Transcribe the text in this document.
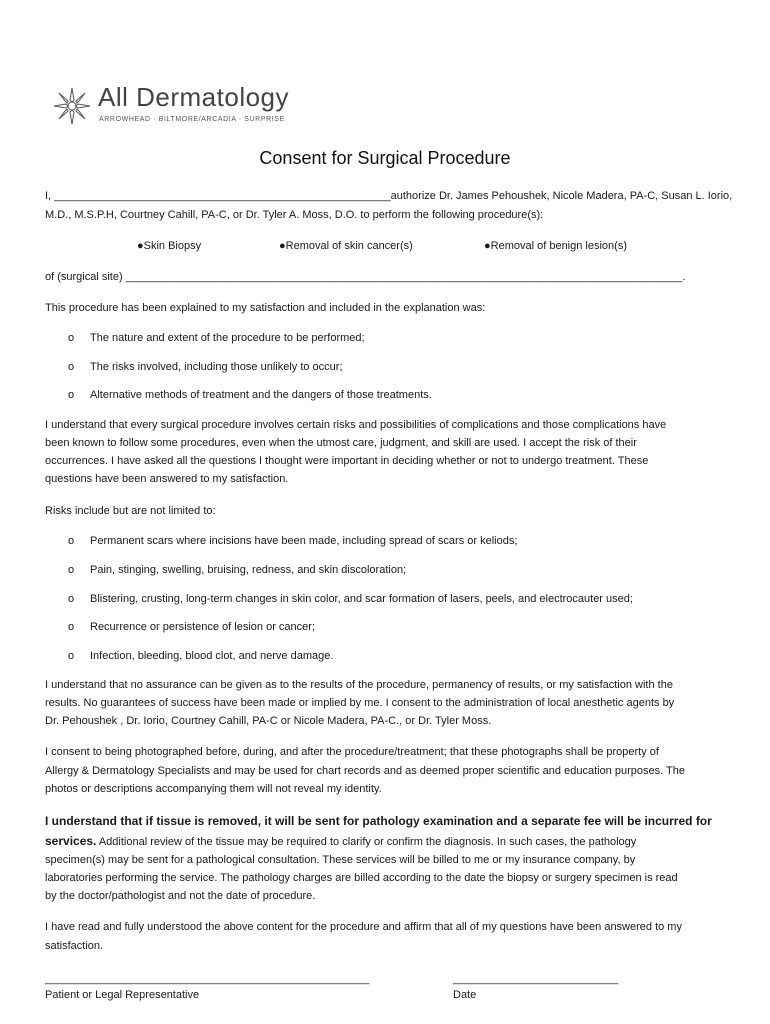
All Dermatology
ARROWHEAD · BILTMORE/ARCADIA · SURPRISE
Consent for Surgical Procedure
I, _______________________________________________________authorize Dr. James Pehoushek, Nicole Madera, PA-C, Susan L. Iorio,
M.D., M.S.P.H, Courtney Cahill, PA-C, or Dr. Tyler A. Moss, D.O. to perform the following procedure(s):
●Skin Biopsy	●Removal of skin cancer(s)	●Removal of benign lesion(s)
of (surgical site) ___________________________________________________________________________________________.
This procedure has been explained to my satisfaction and included in the explanation was:
o The nature and extent of the procedure to be performed;
o The risks involved, including those unlikely to occur;
o Alternative methods of treatment and the dangers of those treatments.
I understand that every surgical procedure involves certain risks and possibilities of complications and those complications have
been known to follow some procedures, even when the utmost care, judgment, and skill are used. I accept the risk of their
occurrences. I have asked all the questions I thought were important in deciding whether or not to undergo treatment. These
questions have been answered to my satisfaction.
Risks include but are not limited to:
o Permanent scars where incisions have been made, including spread of scars or keliods;
o Pain, stinging, swelling, bruising, redness, and skin discoloration;
o Blistering, crusting, long-term changes in skin color, and scar formation of lasers, peels, and electrocauter used;
o Recurrence or persistence of lesion or cancer;
o Infection, bleeding, blood clot, and nerve damage.
I understand that no assurance can be given as to the results of the procedure, permanency of results, or my satisfaction with the
results. No guarantees of success have been made or implied by me. I consent to the administration of local anesthetic agents by
Dr. Pehoushek , Dr. Iorio, Courtney Cahill, PA-C or Nicole Madera, PA-C., or Dr. Tyler Moss.
I consent to being photographed before, during, and after the procedure/treatment; that these photographs shall be property of
Allergy & Dermatology Specialists and may be used for chart records and as deemed proper scientific and education purposes. The
photos or descriptions accompanying them will not reveal my identity.
I understand that if tissue is removed, it will be sent for pathology examination and a separate fee will be incurred for
services. Additional review of the tissue may be required to clarify or confirm the diagnosis. In such cases, the pathology
specimen(s) may be sent for a pathological consultation. These services will be billed to me or my insurance company, by
laboratories performing the service. The pathology charges are billed according to the date the biopsy or surgery specimen is read
by the doctor/pathologist and not the date of procedure.
I have read and fully understood the above content for the procedure and affirm that all of my questions have been answered to my
satisfaction.
_____________________________________________________	___________________________
Patient or Legal Representative	Date
